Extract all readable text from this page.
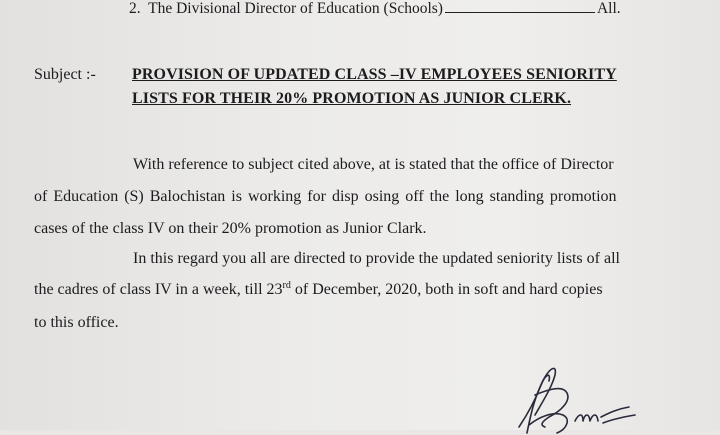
2. The Divisional Director of Education (Schools)	All.
Subject :- PROVISION OF UPDATED CLASS –IV EMPLOYEES SENIORITY
LISTS FOR THEIR 20% PROMOTION AS JUNIOR CLERK.
With reference to subject cited above, at is stated that the office of Director
of Education (S) Balochistan is working for disp osing off the long standing promotion
cases of the class IV on their 20% promotion as Junior Clark.
In this regard you all are directed to provide the updated seniority lists of all
the cadres of class IV in a week, till 23rd of December, 2020, both in soft and hard copies
to this office.
